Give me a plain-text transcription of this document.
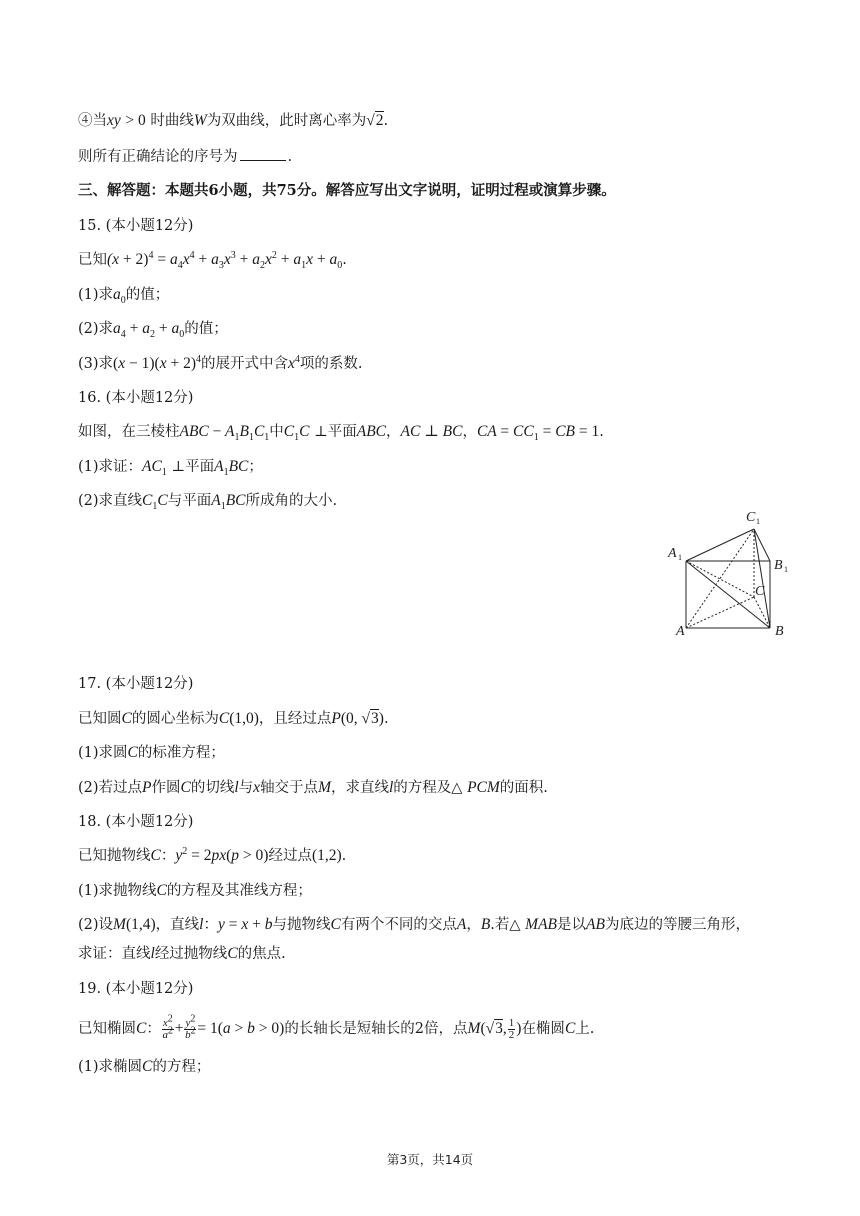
④当xy > 0 时曲线W为双曲线，此时离心率为√2.
则所有正确结论的序号为	.
三、解答题：本题共6小题，共75分。解答应写出文字说明，证明过程或演算步骤。
15. (本小题12分)
已知$(x + 2)^4 = a_4x^4 + a_3x^3 + a_2x^2 + a_1x + a_0$.
(1)求$a_0$的值；
(2)求$a_4 + a_2 + a_0$的值；
(3)求$(x - 1)(x + 2)^4$的展开式中含$x^4$项的系数.
16. (本小题12分)
如图，在三棱柱ABC − $A_1B_1C_1$中$C_1C$ ⊥平面ABC，AC ⊥ BC，CA = $CC_1$ = CB = 1.
(1)求证：$AC_1$ ⊥平面$A_1BC$；
(2)求直线$C_1C$与平面$A_1BC$所成角的大小.
C 1
A 1
B 1
C
A	B
17. (本小题12分)
已知圆C的圆心坐标为C(1,0)，且经过点P(0, √3).
(1)求圆C的标准方程；
(2)若过点P作圆C的切线l与x轴交于点M，求直线l的方程及△ PCM的面积.
18. (本小题12分)
已知抛物线C：$y^2 = 2px(p > 0)$经过点(1,2).
(1)求抛物线C的方程及其准线方程；
(2)设M(1,4)，直线l：y = x + b与抛物线C有两个不同的交点A，B.若△ MAB是以AB为底边的等腰三角形，
求证：直线l经过抛物线C的焦点.
19. (本小题12分)
已知椭圆C： $\frac{x^2}{a^2} + \frac{y^2}{b^2} = 1(a > b > 0)$的长轴长是短轴长的2倍，点M(√3, $\frac{1}{2}$ )在椭圆C上.
(1)求椭圆C的方程；
第3页，共14页
